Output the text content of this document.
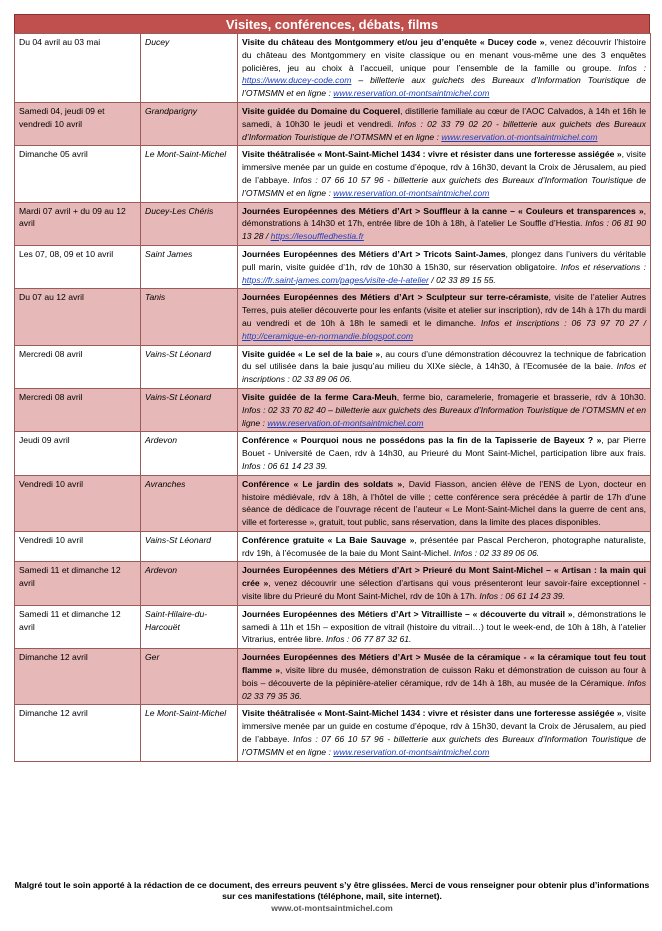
Visites, conférences, débats, films
Du 04 avril au 03 mai	Ducey	Visite du château des Montgommery et/ou jeu d’enquête « Ducey code », venez découvrir l’histoire du château des Montgommery en visite classique ou en menant vous-même une des 3 enquêtes policières, jeu au choix à l’accueil, unique pour l’ensemble de la famille ou groupe. Infos : https://www.ducey-code.com – billetterie aux guichets des Bureaux d’Information Touristique de l’OTMSMN et en ligne : www.reservation.ot-montsaintmichel.com
Samedi 04, jeudi 09 et vendredi 10 avril	Grandparigny	Visite guidée du Domaine du Coquerel, distillerie familiale au cœur de l’AOC Calvados, à 14h et 16h le samedi, à 10h30 le jeudi et vendredi. Infos : 02 33 79 02 20 - billetterie aux guichets des Bureaux d’Information Touristique de l’OTMSMN et en ligne : www.reservation.ot-montsaintmichel.com
Dimanche 05 avril	Le Mont-Saint-Michel	Visite théâtralisée « Mont-Saint-Michel 1434 : vivre et résister dans une forteresse assiégée », visite immersive menée par un guide en costume d’époque, rdv à 16h30, devant la Croix de Jérusalem, au pied de l’abbaye. Infos : 07 66 10 57 96 - billetterie aux guichets des Bureaux d’Information Touristique de l’OTMSMN et en ligne : www.reservation.ot-montsaintmichel.com
Mardi 07 avril + du 09 au 12 avril	Ducey-Les Chéris	Journées Européennes des Métiers d’Art > Souffleur à la canne – « Couleurs et transparences », démonstrations à 14h30 et 17h, entrée libre de 10h à 18h, à l’atelier Le Souffle d’Hestia. Infos : 06 81 90 13 28 / https://lesouffledhestia.fr
Les 07, 08, 09 et 10 avril	Saint James	Journées Européennes des Métiers d’Art > Tricots Saint-James, plongez dans l’univers du véritable pull marin, visite guidée d’1h, rdv de 10h30 à 15h30, sur réservation obligatoire. Infos et réservations : https://fr.saint-james.com/pages/visite-de-l-atelier / 02 33 89 15 55.
Du 07 au 12 avril	Tanis	Journées Européennes des Métiers d’Art > Sculpteur sur terre-céramiste, visite de l’atelier Autres Terres, puis atelier découverte pour les enfants (visite et atelier sur inscription), rdv de 14h à 17h du mardi au vendredi et de 10h à 18h le samedi et le dimanche. Infos et inscriptions : 06 73 97 70 27 / http://ceramique-en-normandie.blogspot.com
Mercredi 08 avril	Vains-St Léonard	Visite guidée « Le sel de la baie », au cours d’une démonstration découvrez la technique de fabrication du sel utilisée dans la baie jusqu’au milieu du XIXe siècle, à 14h30, à l’Ecomusée de la baie. Infos et inscriptions : 02 33 89 06 06.
Mercredi 08 avril	Vains-St Léonard	Visite guidée de la ferme Cara-Meuh, ferme bio, caramelerie, fromagerie et brasserie, rdv à 10h30. Infos : 02 33 70 82 40 – billetterie aux guichets des Bureaux d’Information Touristique de l’OTMSMN et en ligne : www.reservation.ot-montsaintmichel.com
Jeudi 09 avril	Ardevon	Conférence « Pourquoi nous ne possédons pas la fin de la Tapisserie de Bayeux ? », par Pierre Bouet - Université de Caen, rdv à 14h30, au Prieuré du Mont Saint-Michel, participation libre aux frais. Infos : 06 61 14 23 39.
Vendredi 10 avril	Avranches	Conférence « Le jardin des soldats », David Fiasson, ancien élève de l’ENS de Lyon, docteur en histoire médiévale, rdv à 18h, à l’hôtel de ville ; cette conférence sera précédée à partir de 17h d’une séance de dédicace de l’ouvrage récent de l’auteur « Le Mont-Saint-Michel dans la guerre de cent ans, ville et forteresse », gratuit, tout public, sans réservation, dans la limite des places disponibles.
Vendredi 10 avril	Vains-St Léonard	Conférence gratuite « La Baie Sauvage », présentée par Pascal Percheron, photographe naturaliste, rdv 19h, à l’écomusée de la baie du Mont Saint-Michel. Infos : 02 33 89 06 06.
Samedi 11 et dimanche 12 avril	Ardevon	Journées Européennes des Métiers d’Art > Prieuré du Mont Saint-Michel – « Artisan : la main qui crée », venez découvrir une sélection d’artisans qui vous présenteront leur savoir-faire exceptionnel - visite libre du Prieuré du Mont Saint-Michel, rdv de 10h à 17h. Infos : 06 61 14 23 39.
Samedi 11 et dimanche 12 avril	Saint-Hilaire-du-Harcouët	Journées Européennes des Métiers d’Art > Vitrailliste – « découverte du vitrail », démonstrations le samedi à 11h et 15h – exposition de vitrail (histoire du vitrail…) tout le week-end, de 10h à 18h, à l’atelier Vitrarius, entrée libre. Infos : 06 77 87 32 61.
Dimanche 12 avril	Ger	Journées Européennes des Métiers d’Art > Musée de la céramique - « la céramique tout feu tout flamme », visite libre du musée, démonstration de cuisson Raku et démonstration de cuisson au four à bois – découverte de la pépinière-atelier céramique, rdv de 14h à 18h, au musée de la Céramique. Infos 02 33 79 35 36.
Dimanche 12 avril	Le Mont-Saint-Michel	Visite théâtralisée « Mont-Saint-Michel 1434 : vivre et résister dans une forteresse assiégée », visite immersive menée par un guide en costume d’époque, rdv à 15h30, devant la Croix de Jérusalem, au pied de l’abbaye. Infos : 07 66 10 57 96 - billetterie aux guichets des Bureaux d’Information Touristique de l’OTMSMN et en ligne : www.reservation.ot-montsaintmichel.com
Malgré tout le soin apporté à la rédaction de ce document, des erreurs peuvent s’y être glissées. Merci de vous renseigner pour obtenir plus d’informations sur ces manifestations (téléphone, mail, site internet).
www.ot-montsaintmichel.com
